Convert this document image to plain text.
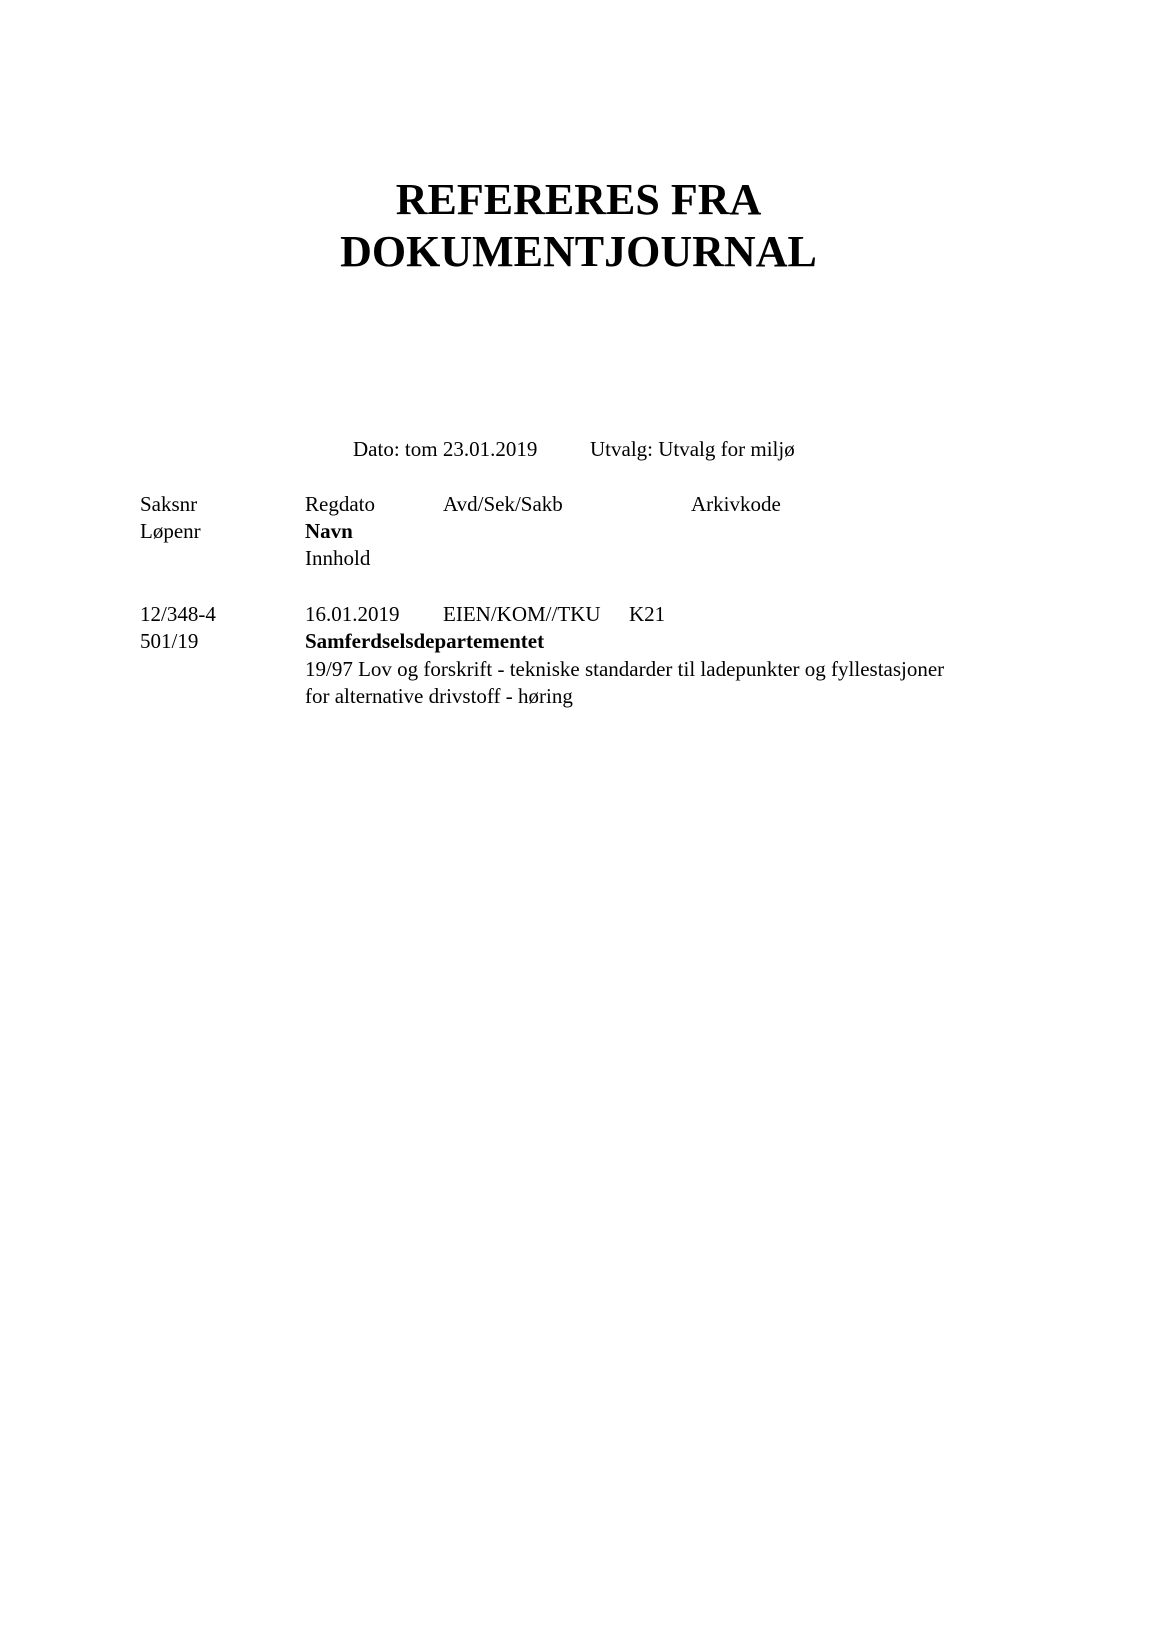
REFERERES FRA
DOKUMENTJOURNAL
Dato: tom 23.01.2019	Utvalg: Utvalg for miljø
Saksnr	Regdato	Avd/Sek/Sakb	Arkivkode
Løpenr	Navn
Innhold
12/348-4	16.01.2019 EIEN/KOM//TKU K21
501/19	Samferdselsdepartementet
19/97 Lov og forskrift - tekniske standarder til ladepunkter og fyllestasjoner
for alternative drivstoff - høring
